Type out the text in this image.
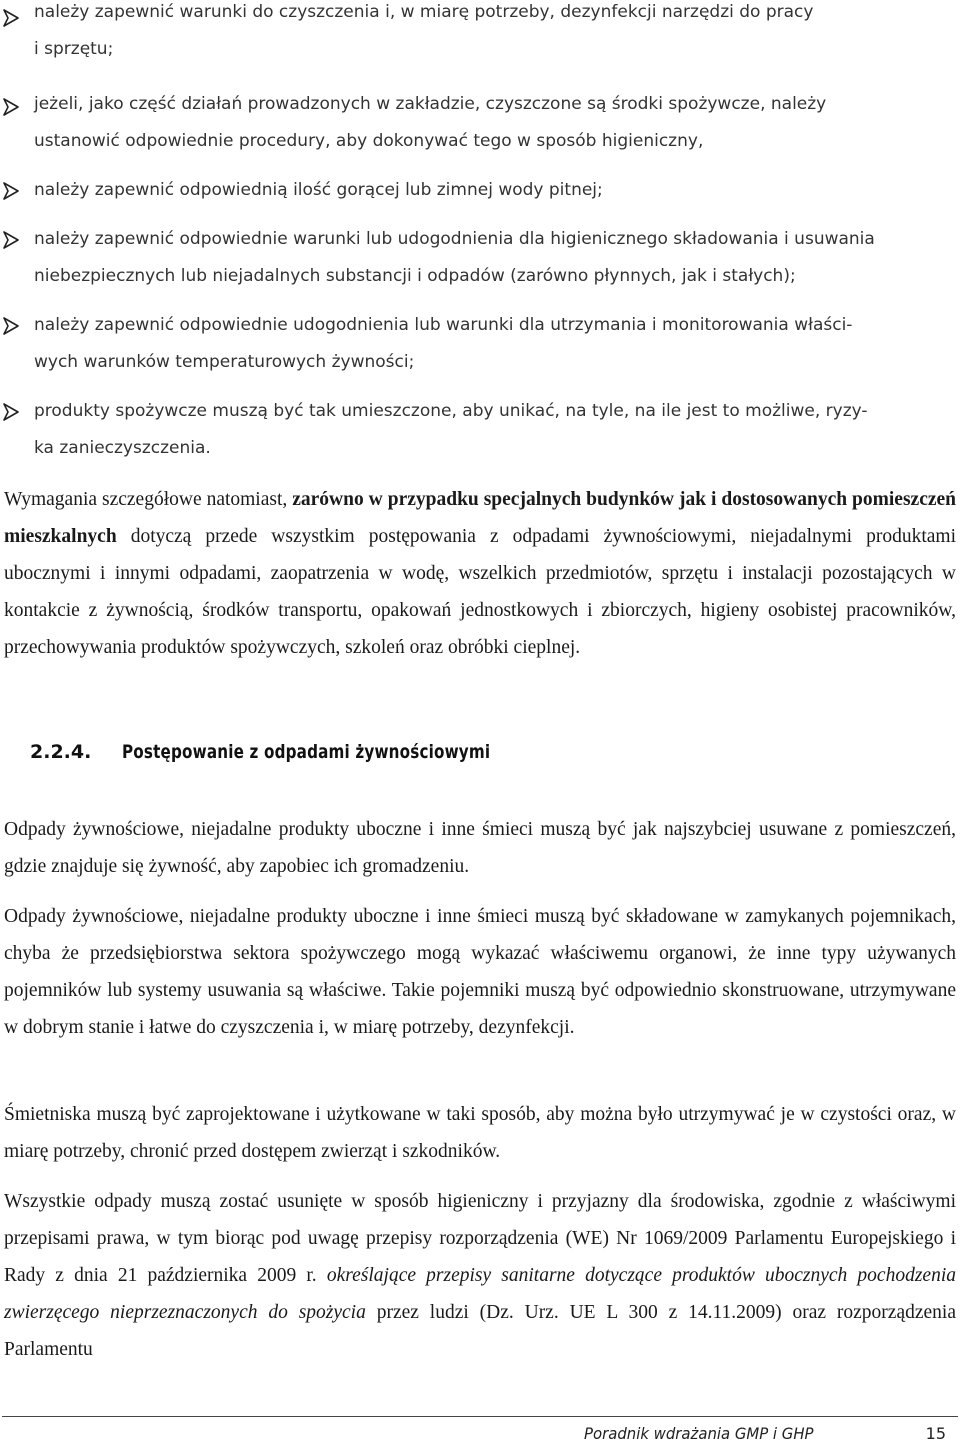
należy zapewnić warunki do czyszczenia i, w miarę potrzeby, dezynfekcji narzędzi do pracy
i sprzętu;
jeżeli, jako część działań prowadzonych w zakładzie, czyszczone są środki spożywcze, należy
ustanowić odpowiednie procedury, aby dokonywać tego w sposób higieniczny,
należy zapewnić odpowiednią ilość gorącej lub zimnej wody pitnej;
należy zapewnić odpowiednie warunki lub udogodnienia dla higienicznego składowania i usuwania
niebezpiecznych lub niejadalnych substancji i odpadów (zarówno płynnych, jak i stałych);
należy zapewnić odpowiednie udogodnienia lub warunki dla utrzymania i monitorowania właści-
wych warunków temperaturowych żywności;
produkty spożywcze muszą być tak umieszczone, aby unikać, na tyle, na ile jest to możliwe, ryzy-
ka zanieczyszczenia.
Wymagania szczegółowe natomiast, zarówno w przypadku specjalnych budynków jak i dostosowanych pomieszczeń mieszkalnych dotyczą przede wszystkim postępowania z odpadami żywnościowymi, niejadalnymi produktami ubocznymi i innymi odpadami, zaopatrzenia w wodę, wszelkich przedmiotów, sprzętu i instalacji pozostających w kontakcie z żywnością, środków transportu, opakowań jednostkowych i zbiorczych, higieny osobistej pracowników, przechowywania produktów spożywczych, szkoleń oraz obróbki cieplnej.
2.2.4. Postępowanie z odpadami żywnościowymi
Odpady żywnościowe, niejadalne produkty uboczne i inne śmieci muszą być jak najszybciej usuwane z pomieszczeń, gdzie znajduje się żywność, aby zapobiec ich gromadzeniu.
Odpady żywnościowe, niejadalne produkty uboczne i inne śmieci muszą być składowane w zamykanych pojemnikach, chyba że przedsiębiorstwa sektora spożywczego mogą wykazać właściwemu organowi, że inne typy używanych pojemników lub systemy usuwania są właściwe. Takie pojemniki muszą być odpowiednio skonstruowane, utrzymywane w dobrym stanie i łatwe do czyszczenia i, w miarę potrzeby, dezynfekcji.
Śmietniska muszą być zaprojektowane i użytkowane w taki sposób, aby można było utrzymywać je w czystości oraz, w miarę potrzeby, chronić przed dostępem zwierząt i szkodników.
Wszystkie odpady muszą zostać usunięte w sposób higieniczny i przyjazny dla środowiska, zgodnie z właściwymi przepisami prawa, w tym biorąc pod uwagę przepisy rozporządzenia (WE) Nr 1069/2009 Parlamentu Europejskiego i Rady z dnia 21 października 2009 r. określające przepisy sanitarne dotyczące produktów ubocznych pochodzenia zwierzęcego nieprzeznaczonych do spożycia przez ludzi (Dz. Urz. UE L 300 z 14.11.2009) oraz rozporządzenia Parlamentu
Poradnik wdrażania GMP i GHP	15
